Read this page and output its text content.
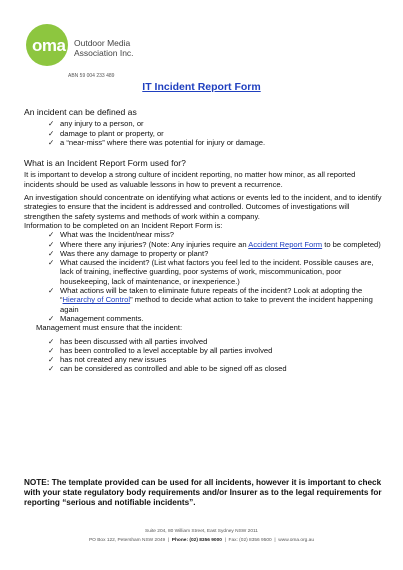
oma Outdoor Media
Association Inc.
ABN 59 004 233 489
IT Incident Report Form

An incident can be defined as

✓ any injury to a person, or
✓ damage to plant or property, or
✓ a “near-miss” where there was potential for injury or damage.

What is an Incident Report Form used for?

It is important to develop a strong culture of incident reporting, no matter how minor, as all reported incidents should be used as valuable lessons in how to prevent a recurrence.

An investigation should concentrate on identifying what actions or events led to the incident, and to identify strategies to ensure that the incident is addressed and controlled. Outcomes of investigations will strengthen the safety systems and methods of work within a company.

Information to be completed on an Incident Report Form is:

✓ What was the Incident/near miss?
✓ Where there any injuries? (Note: Any injuries require an Accident Report Form to be completed)
✓ Was there any damage to property or plant?
✓ What caused the incident? (List what factors you feel led to the incident. Possible causes are, lack of training, ineffective guarding, poor systems of work, miscommunication, poor housekeeping, lack of maintenance, or inexperience.)
✓ What actions will be taken to eliminate future repeats of the incident? Look at adopting the “Hierarchy of Control” method to decide what action to take to prevent the incident happening again
✓ Management comments.

Management must ensure that the incident:

✓ has been discussed with all parties involved
✓ has been controlled to a level acceptable by all parties involved
✓ has not created any new issues
✓ can be considered as controlled and able to be signed off as closed
NOTE: The template provided can be used for all incidents, however it is important to check with your state regulatory body requirements and/or Insurer as to the legal requirements for reporting “serious and notifiable incidents”.
Suite 204, 80 William Street, East Sydney NSW 2011
PO Box 122, Petersham NSW 2049  |  Phone: (02) 8356 9000  |  Fax: (02) 8356 9500  |  www.oma.org.au
